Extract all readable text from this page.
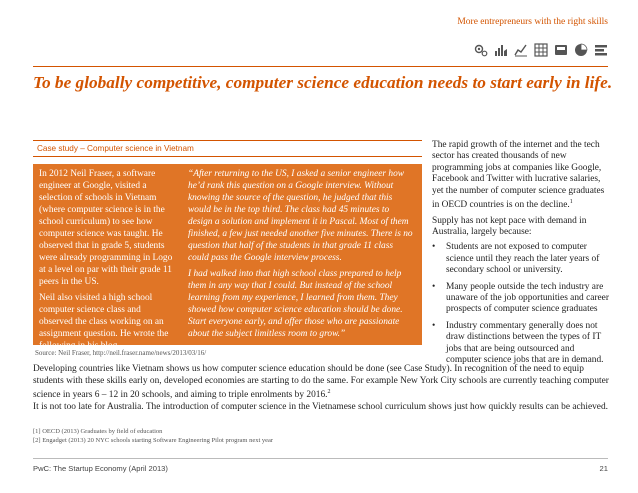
More entrepreneurs with the right skills
To be globally competitive, computer science education needs to start early in life.
Case study – Computer science in Vietnam

In 2012 Neil Fraser, a software engineer at Google, visited a selection of schools in Vietnam (where computer science is in the school curriculum) to see how computer science was taught. He observed that in grade 5, students were already programming in Logo at a level on par with their grade 11 peers in the US.

Neil also visited a high school computer science class and observed the class working on an assignment question. He wrote the following in his blog.

“After returning to the US, I asked a senior engineer how he’d rank this question on a Google interview. Without knowing the source of the question, he judged that this would be in the top third. The class had 45 minutes to design a solution and implement it in Pascal. Most of them finished, a few just needed another five minutes. There is no question that half of the students in that grade 11 class could pass the Google interview process.

I had walked into that high school class prepared to help them in any way that I could. But instead of the school learning from my experience, I learned from them. They showed how computer science education should be done. Start everyone early, and offer those who are passionate about the subject limitless room to grow.”

Source: Neil Fraser, http://neil.fraser.name/news/2013/03/16/

The rapid growth of the internet and the tech sector has created thousands of new programming jobs at companies like Google, Facebook and Twitter with lucrative salaries, yet the number of computer science graduates in OECD countries is on the decline.$^1$

Supply has not kept pace with demand in Australia, largely because:

• Students are not exposed to computer science until they reach the later years of secondary school or university.
• Many people outside the tech industry are unaware of the job opportunities and career prospects of computer science graduates
• Industry commentary generally does not draw distinctions between the types of IT jobs that are being outsourced and computer science jobs that are in demand.
Developing countries like Vietnam shows us how computer science education should be done (see Case Study). In recognition of the need to equip students with these skills early on, developed economies are starting to do the same. For example New York City schools are currently teaching computer science in years 6 – 12 in 20 schools, and aiming to triple enrolments by 2016.$^2$
It is not too late for Australia. The introduction of computer science in the Vietnamese school curriculum shows just how quickly results can be achieved.
[1] OECD (2013) Graduates by field of education
[2] Engadget (2013) 20 NYC schools starting Software Engineering Pilot program next year
PwC: The Startup Economy (April 2013)	21
